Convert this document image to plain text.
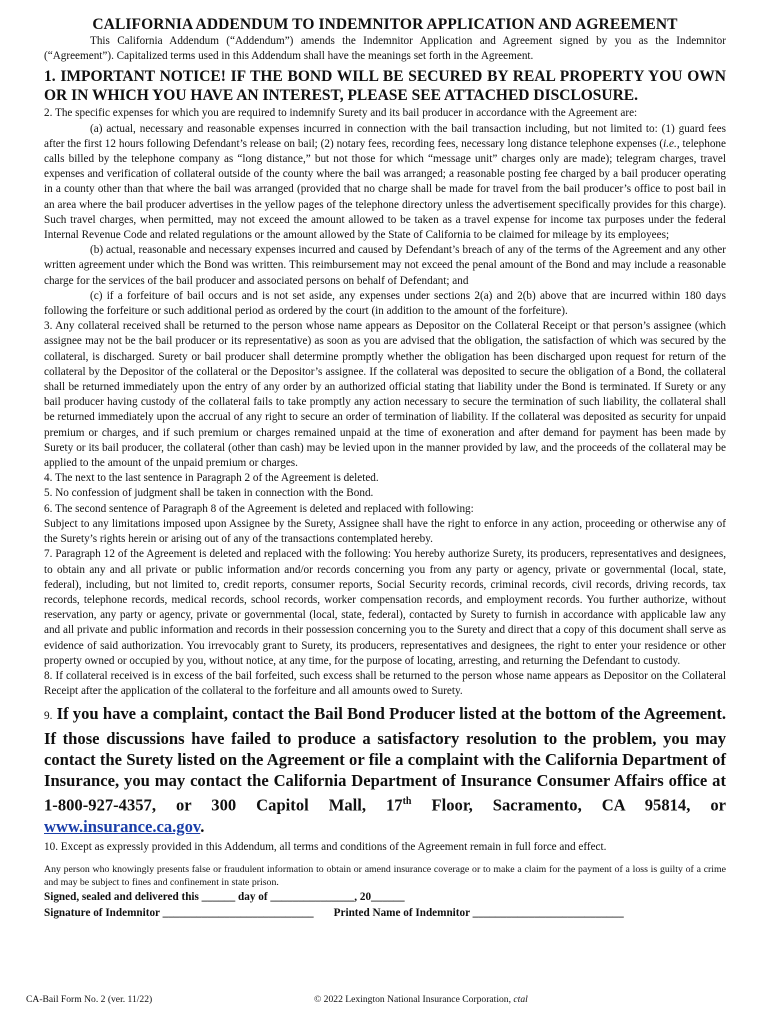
CALIFORNIA ADDENDUM TO INDEMNITOR APPLICATION AND AGREEMENT

This California Addendum (“Addendum”) amends the Indemnitor Application and Agreement signed by you as the Indemnitor (“Agreement”). Capitalized terms used in this Addendum shall have the meanings set forth in the Agreement.

1. IMPORTANT NOTICE! IF THE BOND WILL BE SECURED BY REAL PROPERTY YOU OWN OR IN WHICH YOU HAVE AN INTEREST, PLEASE SEE ATTACHED DISCLOSURE.

2. The specific expenses for which you are required to indemnify Surety and its bail producer in accordance with the Agreement are:

(a) actual, necessary and reasonable expenses incurred in connection with the bail transaction including, but not limited to: (1) guard fees after the first 12 hours following Defendant’s release on bail; (2) notary fees, recording fees, necessary long distance telephone expenses (i.e., telephone calls billed by the telephone company as “long distance,” but not those for which “message unit” charges only are made); telegram charges, travel expenses and verification of collateral outside of the county where the bail was arranged; a reasonable posting fee charged by a bail producer operating in a county other than that where the bail was arranged (provided that no charge shall be made for travel from the bail producer’s office to post bail in an area where the bail producer advertises in the yellow pages of the telephone directory unless the advertisement specifically provides for this charge). Such travel charges, when permitted, may not exceed the amount allowed to be taken as a travel expense for income tax purposes under the federal Internal Revenue Code and related regulations or the amount allowed by the State of California to be claimed for mileage by its employees;

(b) actual, reasonable and necessary expenses incurred and caused by Defendant’s breach of any of the terms of the Agreement and any other written agreement under which the Bond was written. This reimbursement may not exceed the penal amount of the Bond and may include a reasonable charge for the services of the bail producer and associated persons on behalf of Defendant; and

(c) if a forfeiture of bail occurs and is not set aside, any expenses under sections 2(a) and 2(b) above that are incurred within 180 days following the forfeiture or such additional period as ordered by the court (in addition to the amount of the forfeiture).

3. Any collateral received shall be returned to the person whose name appears as Depositor on the Collateral Receipt or that person’s assignee (which assignee may not be the bail producer or its representative) as soon as you are advised that the obligation, the satisfaction of which was secured by the collateral, is discharged. Surety or bail producer shall determine promptly whether the obligation has been discharged upon request for return of the collateral by the Depositor of the collateral or the Depositor’s assignee. If the collateral was deposited to secure the obligation of a Bond, the collateral shall be returned immediately upon the entry of any order by an authorized official stating that liability under the Bond is terminated. If Surety or any bail producer having custody of the collateral fails to take promptly any action necessary to secure the termination of such liability, the collateral shall be returned immediately upon the accrual of any right to secure an order of termination of liability. If the collateral was deposited as security for unpaid premium or charges, and if such premium or charges remained unpaid at the time of exoneration and after demand for payment has been made by Surety or its bail producer, the collateral (other than cash) may be levied upon in the manner provided by law, and the proceeds of the collateral may be applied to the amount of the unpaid premium or charges.

4. The next to the last sentence in Paragraph 2 of the Agreement is deleted.

5. No confession of judgment shall be taken in connection with the Bond.

6. The second sentence of Paragraph 8 of the Agreement is deleted and replaced with following:

Subject to any limitations imposed upon Assignee by the Surety, Assignee shall have the right to enforce in any action, proceeding or otherwise any of the Surety’s rights herein or arising out of any of the transactions contemplated hereby.

7. Paragraph 12 of the Agreement is deleted and replaced with the following: You hereby authorize Surety, its producers, representatives and designees, to obtain any and all private or public information and/or records concerning you from any party or agency, private or governmental (local, state, federal), including, but not limited to, credit reports, consumer reports, Social Security records, criminal records, civil records, driving records, tax records, telephone records, medical records, school records, worker compensation records, and employment records. You further authorize, without reservation, any party or agency, private or governmental (local, state, federal), contacted by Surety to furnish in accordance with applicable law any and all private and public information and records in their possession concerning you to the Surety and direct that a copy of this document shall serve as evidence of said authorization. You irrevocably grant to Surety, its producers, representatives and designees, the right to enter your residence or other property owned or occupied by you, without notice, at any time, for the purpose of locating, arresting, and returning the Defendant to custody.

8. If collateral received is in excess of the bail forfeited, such excess shall be returned to the person whose name appears as Depositor on the Collateral Receipt after the application of the collateral to the forfeiture and all amounts owed to Surety.

9. If you have a complaint, contact the Bail Bond Producer listed at the bottom of the Agreement. If those discussions have failed to produce a satisfactory resolution to the problem, you may contact the Surety listed on the Agreement or file a complaint with the California Department of Insurance, you may contact the California Department of Insurance Consumer Affairs office at 1-800-927-4357, or 300 Capitol Mall, 17th Floor, Sacramento, CA 95814, or www.insurance.ca.gov.

10. Except as expressly provided in this Addendum, all terms and conditions of the Agreement remain in full force and effect.

Any person who knowingly presents false or fraudulent information to obtain or amend insurance coverage or to make a claim for the payment of a loss is guilty of a crime and may be subject to fines and confinement in state prison.

Signed, sealed and delivered this ______ day of _______________, 20______

Signature of Indemnitor ___________________________ Printed Name of Indemnitor ___________________________

CA-Bail Form No. 2 (ver. 11/22)	© 2022 Lexington National Insurance Corporation, ctal
